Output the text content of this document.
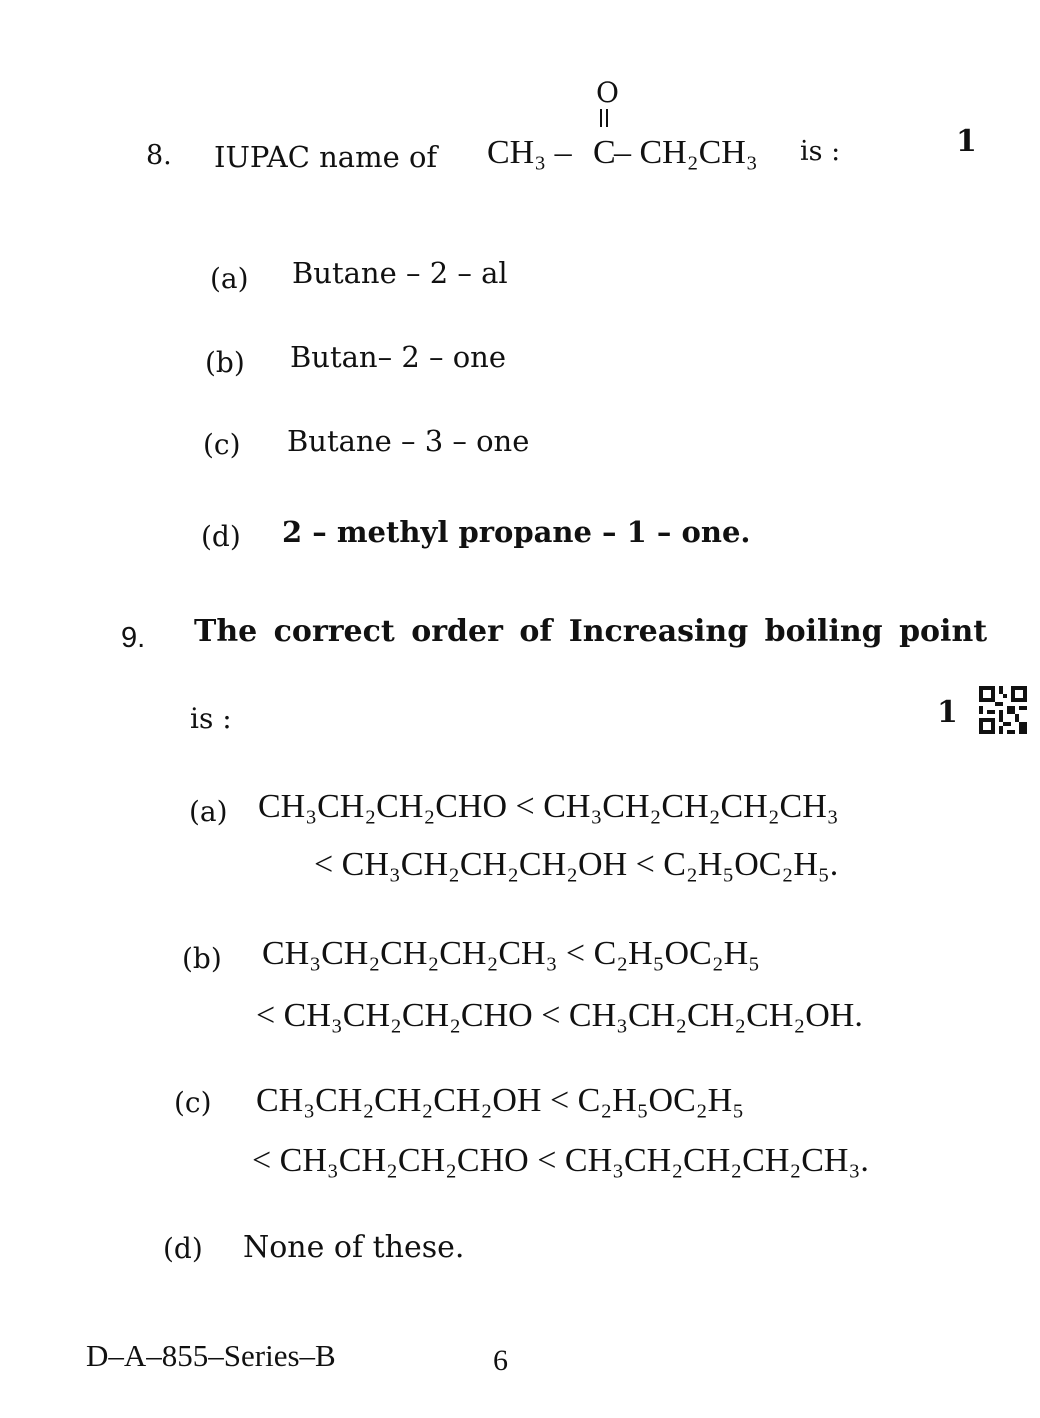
8. IUPAC name of CH₃ –
O
C
– CH₂CH₃ is :	1
(a) Butane – 2 – al
(b) Butan– 2 – one
(c) Butane – 3 – one
(d) 2 – methyl propane – 1 – one.
9. The correct order of Increasing boiling point
is :	1
(a) CH₃CH₂CH₂CHO < CH₃CH₂CH₂CH₂CH₃
< CH₃CH₂CH₂CH₂OH < C₂H₅OC₂H₅.
(b) CH₃CH₂CH₂CH₂CH₃ < C₂H₅OC₂H₅
< CH₃CH₂CH₂CHO < CH₃CH₂CH₂CH₂OH.
(c) CH₃CH₂CH₂CH₂OH < C₂H₅OC₂H₅
< CH₃CH₂CH₂CHO < CH₃CH₂CH₂CH₂CH₃.
(d) None of these.
D–A–855–Series–B	6
